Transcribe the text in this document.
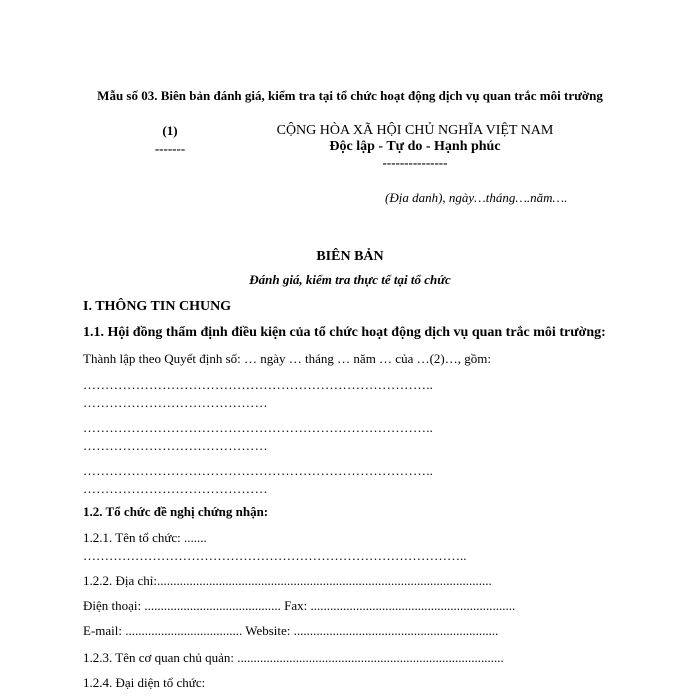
Mẫu số 03. Biên bản đánh giá, kiểm tra tại tổ chức hoạt động dịch vụ quan trắc môi trường
(1)
-------
CỘNG HÒA XÃ HỘI CHỦ NGHĨA VIỆT NAM
Độc lập - Tự do - Hạnh phúc
---------------
(Địa danh), ngày…tháng….năm….
BIÊN BẢN
Đánh giá, kiểm tra thực tế tại tổ chức
I. THÔNG TIN CHUNG
1.1. Hội đồng thẩm định điều kiện của tổ chức hoạt động dịch vụ quan trắc môi trường:
Thành lập theo Quyết định số: … ngày … tháng … năm … của …(2)…, gồm:
……………………………………………………………………..
……………………………………
……………………………………………………………………..
……………………………………
……………………………………………………………………..
……………………………………
1.2. Tổ chức đề nghị chứng nhận:
1.2.1. Tên tổ chức: .......
……………………………………………………………………………..
1.2.2. Địa chỉ:.......................................................................................................
Điện thoại: .......................................... Fax: ...............................................................
E-mail: .................................... Website: ...............................................................
1.2.3. Tên cơ quan chủ quản: ..................................................................................
1.2.4. Đại diện tổ chức:
